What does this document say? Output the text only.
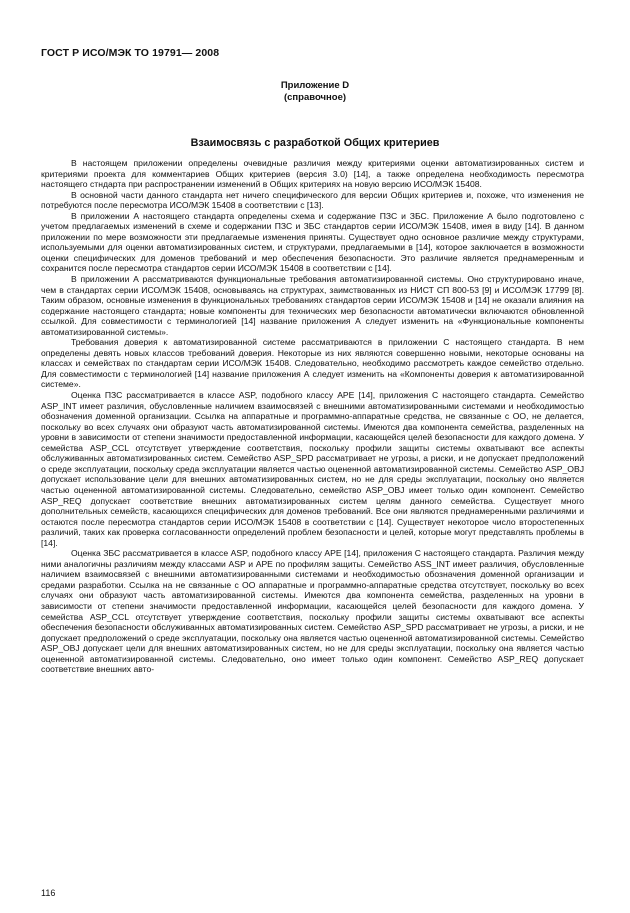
ГОСТ Р ИСО/МЭК ТО 19791— 2008
Приложение D
(справочное)
Взаимосвязь с разработкой Общих критериев

В настоящем приложении определены очевидные различия между критериями оценки автоматизированных систем и критериями проекта для комментариев Общих критериев (версия 3.0) [14], а также определена необходимость пересмотра настоящего стндарта при распространении изменений в Общих критериях на новую версию ИСО/МЭК 15408.

В основной части данного стандарта нет ничего специфического для версии Общих критериев и, похоже, что изменения не потребуются после пересмотра ИСО/МЭК 15408 в соответствии с [13].

В приложении А настоящего стандарта определены схема и содержание ПЗС и ЗБС. Приложение А было подготовлено с учетом предлагаемых изменений в схеме и содержании ПЗС и ЗБС стандартов серии ИСО/МЭК 15408, имея в виду [14]. В данном приложении по мере возможности эти предлагаемые изменения приняты. Существует одно основное различие между структурами, используемыми для оценки автоматизированных систем, и структурами, предлагаемыми в [14], которое заключается в возможности оценки специфических для доменов требований и мер обеспечения безопасности. Это различие является преднамеренным и сохранится после пересмотра стандартов серии ИСО/МЭК 15408 в соответствии с [14].

В приложении А рассматриваются функциональные требования автоматизированной системы. Оно структурировано иначе, чем в стандартах серии ИСО/МЭК 15408, основываясь на структурах, заимствованных из НИСТ СП 800-53 [9] и ИСО/МЭК 17799 [8]. Таким образом, основные изменения в функциональных требованиях стандартов серии ИСО/МЭК 15408 и [14] не оказали влияния на содержание настоящего стандарта; новые компоненты для технических мер безопасности автоматически включаются обновленной ссылкой. Для совместимости с терминологией [14] название приложения А следует изменить на «Функциональные компоненты автоматизированной системы».

Требования доверия к автоматизированной системе рассматриваются в приложении С настоящего стандарта. В нем определены девять новых классов требований доверия. Некоторые из них являются совершенно новыми, некоторые основаны на классах и семействах по стандартам серии ИСО/МЭК 15408. Следовательно, необходимо рассмотреть каждое семейство отдельно. Для совместимости с терминологией [14] название приложения А следует изменить на «Компоненты доверия к автоматизированной системе».

Оценка ПЗС рассматривается в классе ASP, подобного классу АРЕ [14], приложения С настоящего стандарта. Семейство ASP_INT имеет различия, обусловленные наличием взаимосвязей с внешними автоматизированными системами и необходимостью обозначения доменной организации. Ссылка на аппаратные и программно-аппаратные средства, не связанные с ОО, не делается, поскольку во всех случаях они образуют часть автоматизированной системы. Имеются два компонента семейства, разделенных на уровни в зависимости от степени значимости предоставленной информации, касающейся целей безопасности для каждого домена. У семейства ASP_CCL отсутствует утверждение соответствия, поскольку профили защиты системы охватывают все аспекты обслуживанных автоматизированных систем. Семейство ASP_SPD рассматривает не угрозы, а риски, и не допускает предположений о среде эксплуатации, поскольку среда эксплуатации является частью оцененной автоматизированной системы. Семейство ASP_OBJ допускает использование цели для внешних автоматизированных систем, но не для среды эксплуатации, поскольку оно является частью оцененной автоматизированной системы. Следовательно, семейство ASP_OBJ имеет только один компонент. Семейство ASP_REQ допускает соответствие внешних автоматизированных систем целям данного семейства. Существует много дополнительных семейств, касающихся специфических для доменов требований. Все они являются преднамеренными различиями и остаются после пересмотра стандартов серии ИСО/МЭК 15408 в соответствии с [14]. Существует некоторое число второстепенных различий, таких как проверка согласованности определений проблем безопасности и целей, которые могут представлять проблемы в [14].

Оценка ЗБС рассматривается в классе ASP, подобного классу АРЕ [14], приложения С настоящего стандарта. Различия между ними аналогичны различиям между классами ASP и АРЕ по профилям защиты. Семейство ASS_INT имеет различия, обусловленные наличием взаимосвязей с внешними автоматизированными системами и необходимостью обозначения доменной организации и средами разработки. Ссылка на не связанные с ОО аппаратные и программно-аппаратные средства отсутствует, поскольку во всех случаях они образуют часть автоматизированной системы. Имеются два компонента семейства, разделенных на уровни в зависимости от степени значимости предоставленной информации, касающейся целей безопасности для каждого домена. У семейства ASP_CCL отсутствует утверждение соответствия, поскольку профили защиты системы охватывают все аспекты обеспечения безопасности обслуживанных автоматизированных систем. Семейство ASP_SPD рассматривает не угрозы, а риски, и не допускает предположений о среде эксплуатации, поскольку она является частью оцененной автоматизированной системы. Семейство ASP_OBJ допускает цели для внешних автоматизированных систем, но не для среды эксплуатации, поскольку она является частью оцененной автоматизированной системы. Следовательно, оно имеет только один компонент. Семейство ASP_REQ допускает соответствие внешних авто-

116
